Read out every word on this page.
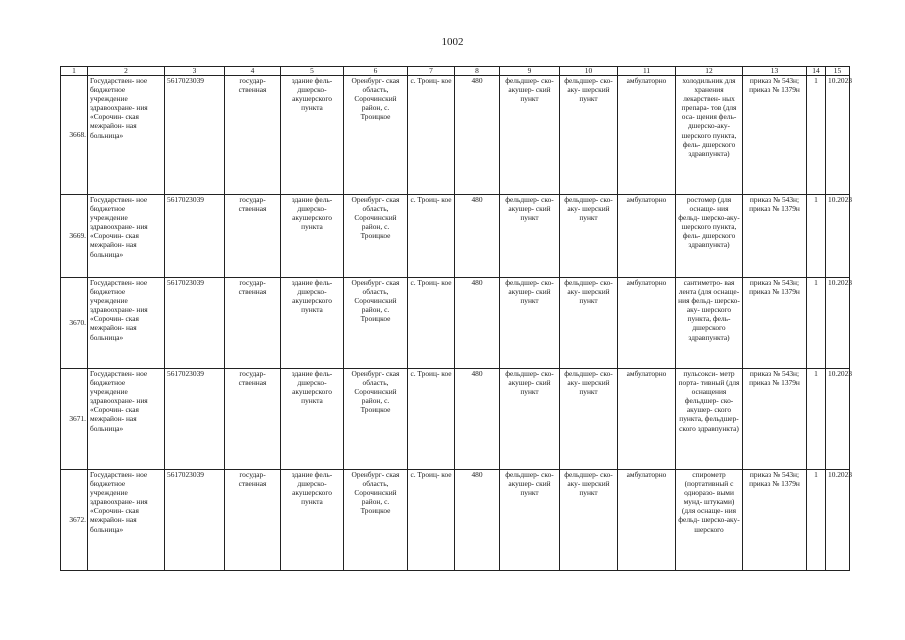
1002
1	2	3	4	5	6	7	8	9	10	11	12	13	14	15
3668.	Государствен- ное бюджетное учреждение здравоохране- ния «Сорочин- ская межрайон- ная больница»	5617023039	государ- ственная	здание фель- дшерско- акушерского пункта	Оренбург- ская область, Сорочинский район, с. Троицкое	с. Троиц- кое	480	фельдшер- ско-акушер- ский пункт	фельдшер- ско-аку- шерский пункт	амбулаторно	холодильник для хранения лекарствен- ных препара- тов (для оса- щения фель- дшерско-аку- шерского пункта, фель- дшерского здравпункта)	приказ № 543н; приказ № 1379н	1	10.2023
3669.	Государствен- ное бюджетное учреждение здравоохране- ния «Сорочин- ская межрайон- ная больница»	5617023039	государ- ственная	здание фель- дшерско- акушерского пункта	Оренбург- ская область, Сорочинский район, с. Троицкое	с. Троиц- кое	480	фельдшер- ско-акушер- ский пункт	фельдшер- ско-аку- шерский пункт	амбулаторно	ростомер (для оснаще- ния фельд- шерско-аку- шерского пункта, фель- дшерского здравпункта)	приказ № 543н; приказ № 1379н	1	10.2023
3670.	Государствен- ное бюджетное учреждение здравоохране- ния «Сорочин- ская межрайон- ная больница»	5617023039	государ- ственная	здание фель- дшерско- акушерского пункта	Оренбург- ская область, Сорочинский район, с. Троицкое	с. Троиц- кое	480	фельдшер- ско-акушер- ский пункт	фельдшер- ско-аку- шерский пункт	амбулаторно	сантиметро- вая лента (для оснаще- ния фельд- шерско-аку- шерского пункта, фель- дшерского здравпункта)	приказ № 543н; приказ № 1379н	1	10.2023
3671.	Государствен- ное бюджетное учреждение здравоохране- ния «Сорочин- ская межрайон- ная больница»	5617023039	государ- ственная	здание фель- дшерско- акушерского пункта	Оренбург- ская область, Сорочинский район, с. Троицкое	с. Троиц- кое	480	фельдшер- ско-акушер- ский пункт	фельдшер- ско-аку- шерский пункт	амбулаторно	пульсокси- метр порта- тивный (для оснащения фельдшер- ско-акушер- ского пункта, фельдшер- ского здравпункта)	приказ № 543н; приказ № 1379н	1	10.2023
3672.	Государствен- ное бюджетное учреждение здравоохране- ния «Сорочин- ская межрайон- ная больница»	5617023039	государ- ственная	здание фель- дшерско- акушерского пункта	Оренбург- ская область, Сорочинский район, с. Троицкое	с. Троиц- кое	480	фельдшер- ско-акушер- ский пункт	фельдшер- ско-аку- шерский пункт	амбулаторно	спирометр (портативный с одноразо- выми мунд- штуками) (для оснаще- ния фельд- шерско-аку- шерского	приказ № 543н; приказ № 1379н	1	10.2023
